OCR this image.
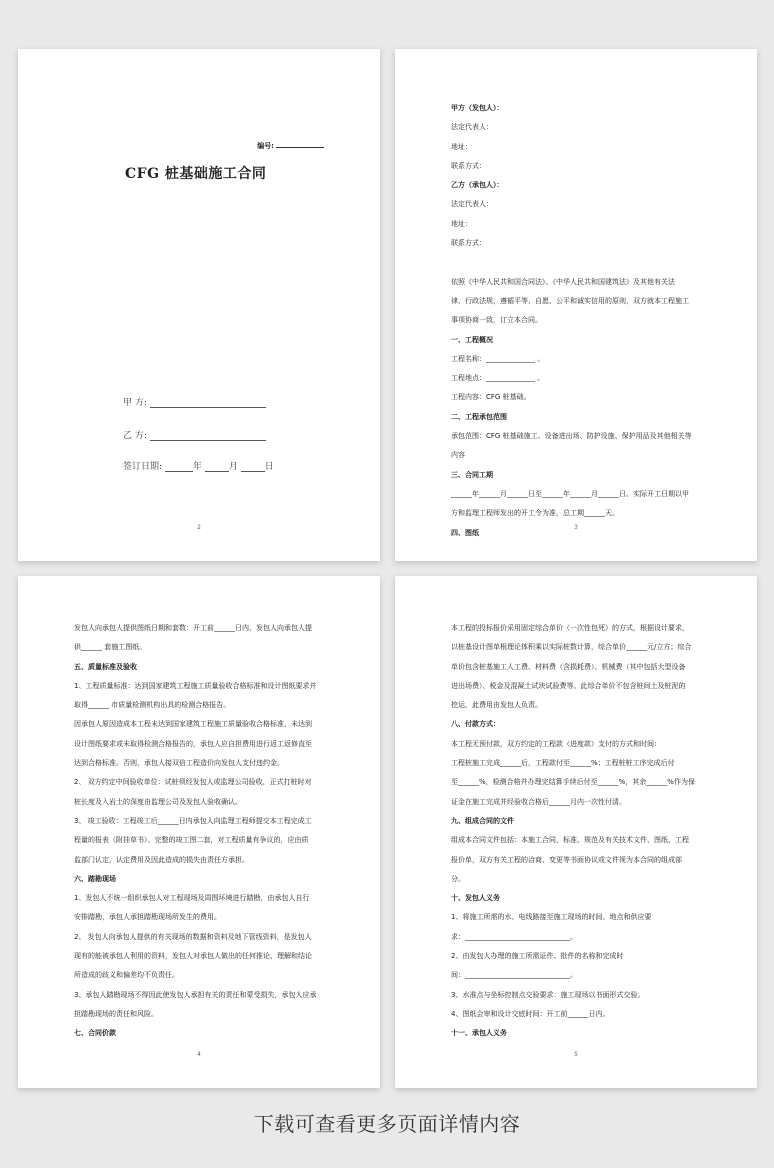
编号:
CFG 桩基础施工合同
甲 方:
乙 方:
签订日期:	年	月	日
2

甲方（发包人）：

法定代表人：

地址：

联系方式：

乙方（承包人）：

法定代表人：

地址：

联系方式：

依照《中华人民共和国合同法》、《中华人民共和国建筑法》及其他有关法

律、行政法规，遵循平等、自愿、公平和诚实信用的原则，双方就本工程施工

事项协商一致，订立本合同。

一、工程概况

工程名称：______________ 。

工程地点：______________ 。

工程内容：CFG 桩基础。

二、工程承包范围

承包范围：CFG 桩基础施工、设备进出场、防护设施、保护用品及其他相关等

内容

三、合同工期

______年______月______日至______年______月______日。实际开工日期以甲

方和监理工程师发出的开工令为准，总工期______天。

四、图纸

3

发包人向承包人提供图纸日期和套数：开工前______日内，发包人向承包人提

供______ 套施工图纸。

五、质量标准及验收

1、工程质量标准：达到国家建筑工程施工质量验收合格标准和设计图纸要求并

取得______ 市质量检测机构出具的检测合格报告。

因承包人原因造成本工程未达到国家建筑工程施工质量验收合格标准、未达到

设计图纸要求或未取得检测合格报告的，承包人应自担费用进行返工返修直至

达到合格标准。否则，承包人接双倍工程造价向发包人支付违约金。

2、 双方约定中间验收单位：试桩须经发包人或监理公司验收，正式打桩时对

桩长度及入岩土的深度由监理公司及发包人验收确认。

3、 竣工验收：工程竣工后______日内承包人向监理工程师提交本工程完成工

程量的报表（附挂草书）、完整的竣工图二套，对工程质量有争议的，应由质

监部门认定，认定费用及因此造成的损失由责任方承担。

六、踏勘现场

1、发包人不统一组织承包人对工程现场及周围环境进行踏勘，由承包人自行

安排踏勘，承包人承担踏勘现场所发生的费用。

2、 发包人向承包人提供的有关现场的数据和资料及地下管线资料，是发包人

现有的能被承包人利用的资料，发包人对承包人做出的任何推论、理解和结论

所造成的歧义和偏差均不负责任。

3、承包人踏勘现场不得因此使发包人承担有关的责任和蒙受损失，承包人应承

担踏勘现场的责任和风险。

七、合同价款

4

本工程的投标报价采用固定综合单价（一次性包死）的方式，根据设计要求，

以桩基设计图单根理论体积乘以实际桩数计算，综合单价______元/立方；综合

单价包含桩基施工人工费、材料费（含损耗费）、机械费（其中包括大型设备

进出场费）、税金及混凝土试块试验费等。此综合单价不包含桩间土及桩泥的

挖运，此费用由发包人负责。

八、付款方式：

本工程无预付款，双方约定的工程款（进度款）支付的方式和时间：

工程桩施工完成______后，工程款付至______%；工程桩桩工序完成后付

至______%，检测合格并办理完结算手续后付至______%，其余______%作为保

证金在施工完成并经验收合格后______月内一次性付清。

九、组成合同的文件

组成本合同文件包括：本施工合同，标准、规范及有关技术文件、图纸、工程

报价单，双方有关工程的洽商、变更等书面协议或文件视为本合同的组成部

分。

十、发包人义务

1、将施工所需的水、电线路接至施工现场的时间、地点和供应要

求：______________________________。

2、由发包人办理的施工所需证件、批件的名称和完成时

间：______________________________。

3、水准点与坐标控制点交验要求：施工现场以书面形式交验。

4、图纸会审和设计交底时间：开工前______日内。

十一、承包人义务

5
下载可查看更多页面详情内容
